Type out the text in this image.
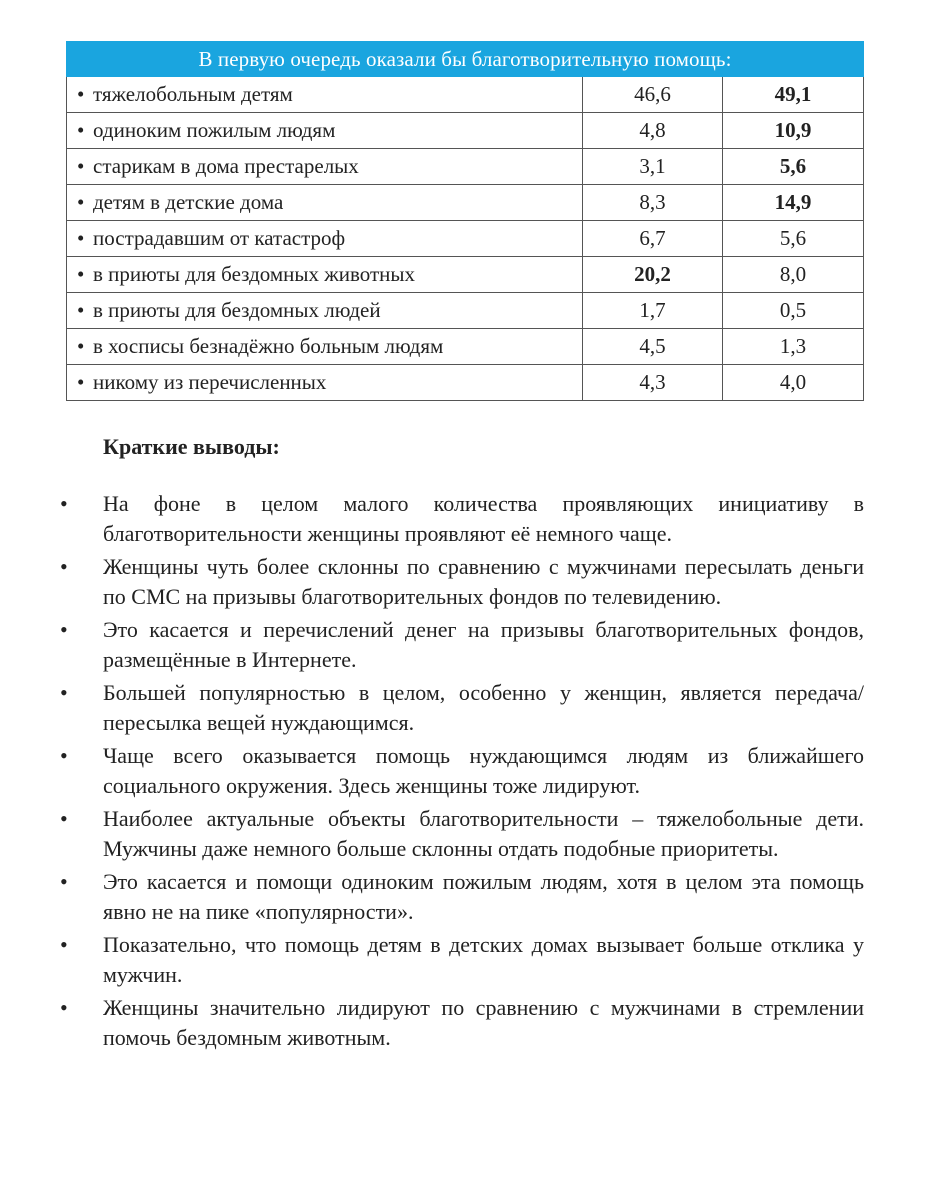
В первую очередь оказали бы благотворительную помощь:		
• тяжелобольным детям	46,6	49,1
• одиноким пожилым людям	4,8	10,9
• старикам в дома престарелых	3,1	5,6
• детям в детские дома	8,3	14,9
• пострадавшим от катастроф	6,7	5,6
• в приюты для бездомных животных	20,2	8,0
• в приюты для бездомных людей	1,7	0,5
• в хосписы безнадёжно больным людям	4,5	1,3
• никому из перечисленных	4,3	4,0
Краткие выводы:
•	На фоне в целом малого количества проявляющих инициативу в благотворительности женщины проявляют её немного чаще.
•	Женщины чуть более склонны по сравнению с мужчинами пересылать деньги по СМС на призывы благотворительных фондов по телевидению.
•	Это касается и перечислений денег на призывы благотворительных фондов, размещённые в Интернете.
•	Большей популярностью в целом, особенно у женщин, является передача/ пересылка вещей нуждающимся.
•	Чаще всего оказывается помощь нуждающимся людям из ближайшего социального окружения. Здесь женщины тоже лидируют.
•	Наиболее актуальные объекты благотворительности – тяжелобольные дети. Мужчины даже немного больше склонны отдать подобные приоритеты.
•	Это касается и помощи одиноким пожилым людям, хотя в целом эта помощь явно не на пике «популярности».
•	Показательно, что помощь детям в детских домах вызывает больше отклика у мужчин.
•	Женщины значительно лидируют по сравнению с мужчинами в стремлении помочь бездомным животным.
